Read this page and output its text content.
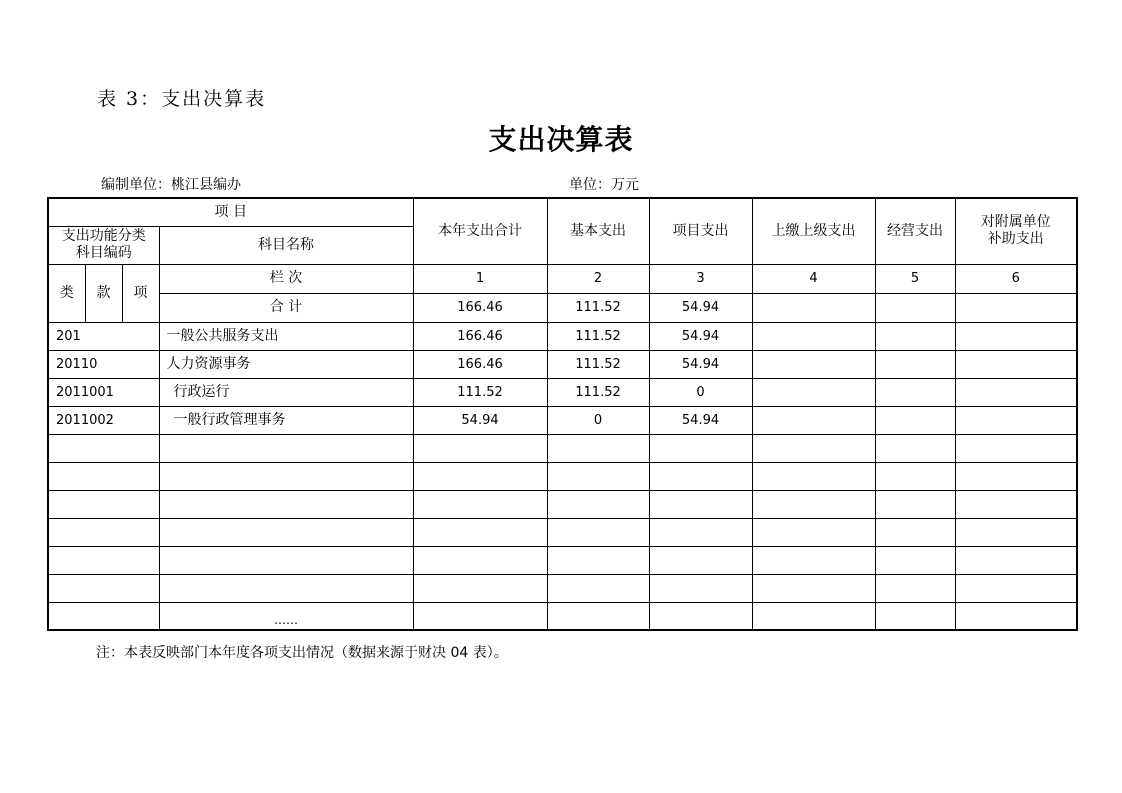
表 3：支出决算表
支出决算表
编制单位：桃江县编办	单位：万元
项 目				本年支出合计	基本支出	项目支出	上缴上级支出	经营支出	对附属单位补助支出
支出功能分类科目编码			科目名称						
类	款	项	栏 次	1	2	3	4	5	6
			合 计	166.46	111.52	54.94			
201			一般公共服务支出	166.46	111.52	54.94			
20110			人力资源事务	166.46	111.52	54.94			
2011001			行政运行	111.52	111.52	0			
2011002			一般行政管理事务	54.94	0	54.94			

			……						
注：本表反映部门本年度各项支出情况（数据来源于财决 04 表）。
